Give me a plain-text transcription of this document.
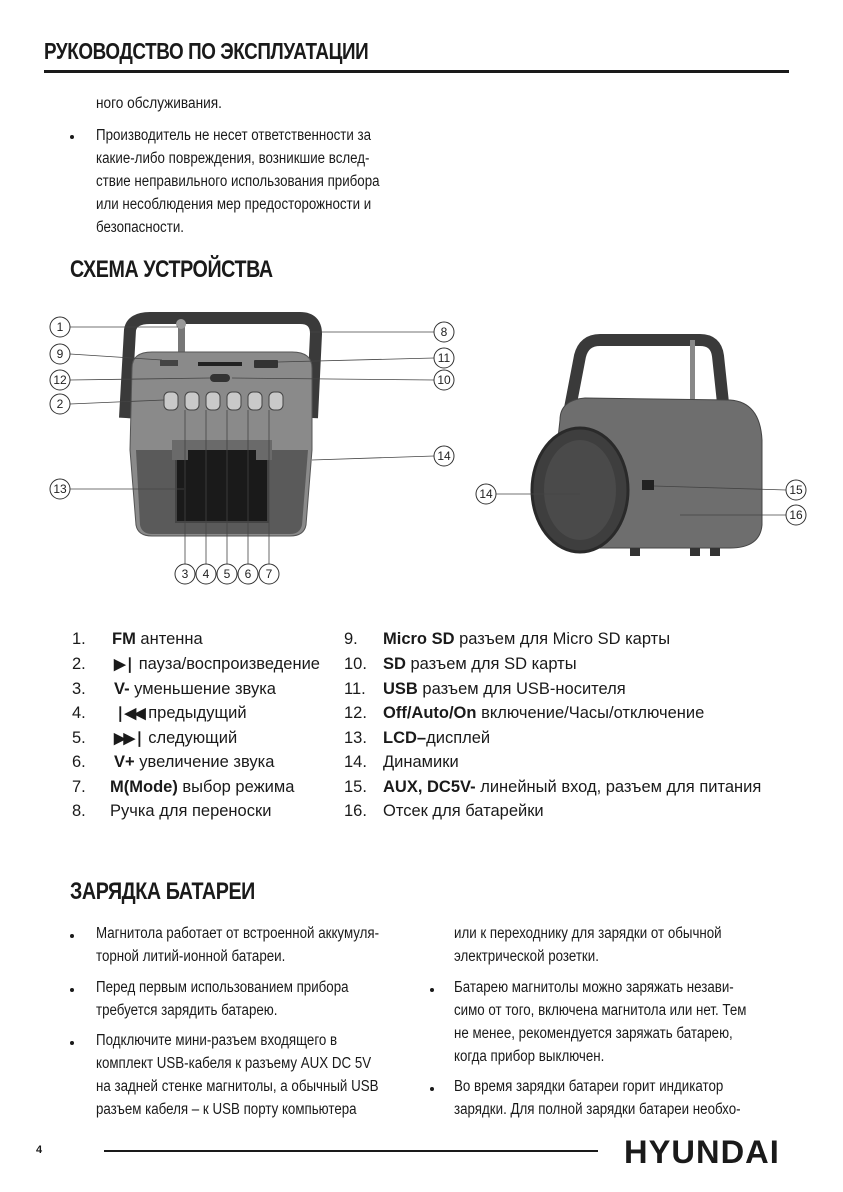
РУКОВОДСТВО ПО ЭКСПЛУАТАЦИИ
ного обслуживания.
Производитель не несет ответственности за
какие-либо повреждения, возникшие вслед-
ствие неправильного использования прибора
или несоблюдения мер предосторожности и
безопасности.
СХЕМА УСТРОЙСТВА
1
9
12
2
13
8
11
10
14
3 4 5 6 7
14	15
16
1. FM антенна
2. ▶❘ пауза/воспроизведение
3. V- уменьшение звука
4. ❘◀◀ предыдущий
5. ▶▶❘ следующий
6. V+ увеличение звука
7. M(Mode) выбор режима
8. Ручка для переноски
9. Micro SD разъем для Micro SD карты
10. SD разъем для SD карты
11. USB разъем для USB-носителя
12. Off/Auto/On включение/Часы/отключение
13. LCD–дисплей
14. Динамики
15. AUX, DC5V- линейный вход, разъем для питания
16. Отсек для батарейки
ЗАРЯДКА БАТАРЕИ
Магнитола работает от встроенной аккумуля-
торной литий-ионной батареи.
Перед первым использованием прибора
требуется зарядить батарею.
Подключите мини-разъем входящего в
комплект USB-кабеля к разъему AUX DC 5V
на задней стенке магнитолы, а обычный USB
разъем кабеля – к USB порту компьютера
или к переходнику для зарядки от обычной
электрической розетки.
Батарею магнитолы можно заряжать незави-
симо от того, включена магнитола или нет. Тем
не менее, рекомендуется заряжать батарею,
когда прибор выключен.
Во время зарядки батареи горит индикатор
зарядки. Для полной зарядки батареи необхо-
4	HYUNDAI
